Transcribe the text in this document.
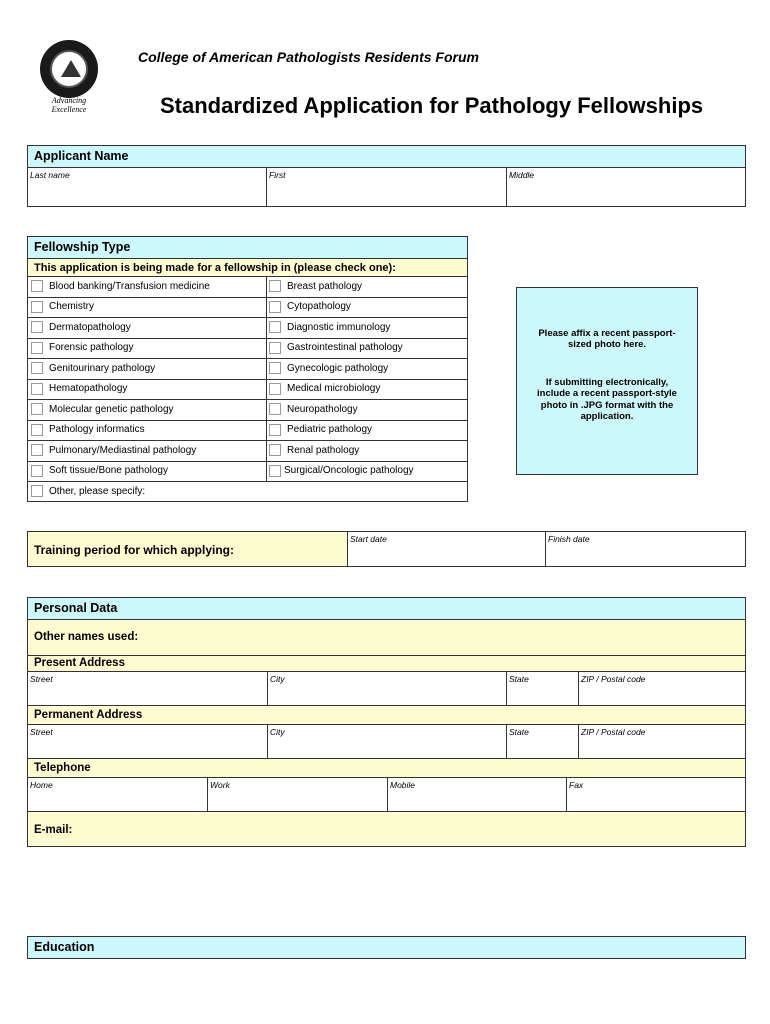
Advancing Excellence
College of American Pathologists Residents Forum
Standardized Application for Pathology Fellowships
Applicant Name
Last name	First	Middle
Fellowship Type
This application is being made for a fellowship in (please check one):
Blood banking/Transfusion medicine	Breast pathology
Chemistry	Cytopathology
Dermatopathology	Diagnostic immunology
Forensic pathology	Gastrointestinal pathology
Genitourinary pathology	Gynecologic pathology
Hematopathology	Medical microbiology
Molecular genetic pathology	Neuropathology
Pathology informatics	Pediatric pathology
Pulmonary/Mediastinal pathology	Renal pathology
Soft tissue/Bone pathology	Surgical/Oncologic pathology
Other, please specify:

Please affix a recent passport-sized photo here.

If submitting electronically, include a recent passport-style photo in .JPG format with the application.

Training period for which applying:
Start date	Finish date
Personal Data
Other names used:
Present Address
Street	City	State	ZIP / Postal code
Permanent Address
Street	City	State	ZIP / Postal code
Telephone
Home	Work	Mobile	Fax
E-mail:
Education
